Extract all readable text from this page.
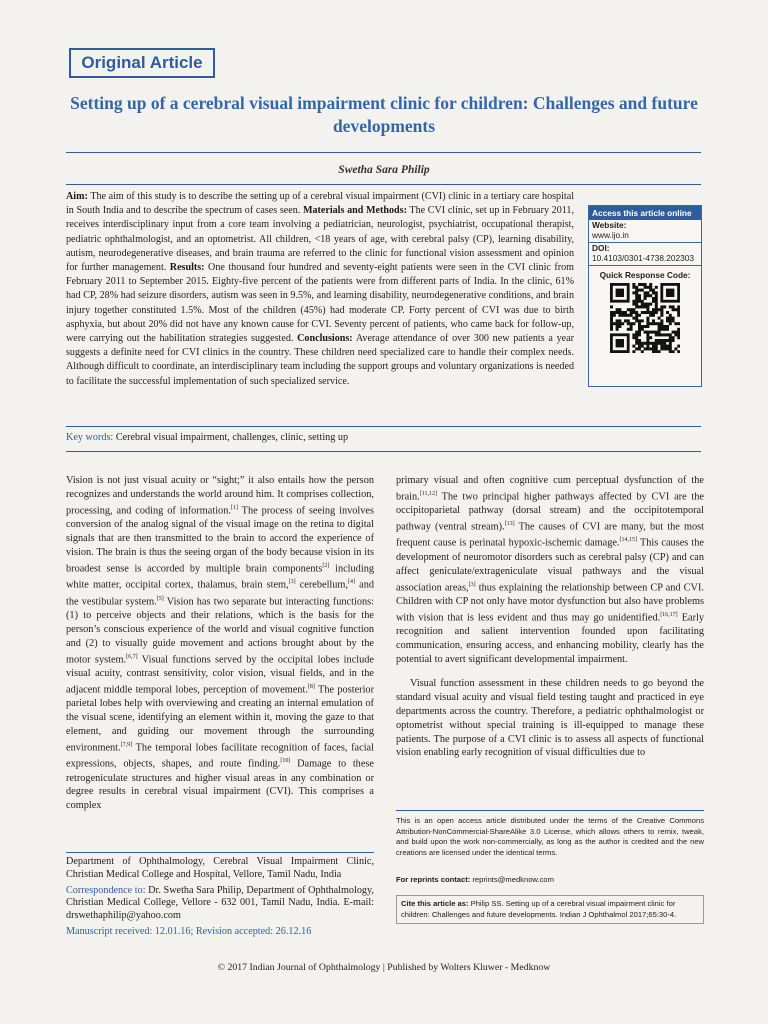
Original Article
Setting up of a cerebral visual impairment clinic for children: Challenges and future developments
Swetha Sara Philip
Aim: The aim of this study is to describe the setting up of a cerebral visual impairment (CVI) clinic in a tertiary care hospital in South India and to describe the spectrum of cases seen. Materials and Methods: The CVI clinic, set up in February 2011, receives interdisciplinary input from a core team involving a pediatrician, neurologist, psychiatrist, occupational therapist, pediatric ophthalmologist, and an optometrist. All children, <18 years of age, with cerebral palsy (CP), learning disability, autism, neurodegenerative diseases, and brain trauma are referred to the clinic for functional vision assessment and opinion for further management. Results: One thousand four hundred and seventy-eight patients were seen in the CVI clinic from February 2011 to September 2015. Eighty-five percent of the patients were from different parts of India. In the clinic, 61% had CP, 28% had seizure disorders, autism was seen in 9.5%, and learning disability, neurodegenerative conditions, and brain injury together constituted 1.5%. Most of the children (45%) had moderate CP. Forty percent of CVI was due to birth asphyxia, but about 20% did not have any known cause for CVI. Seventy percent of patients, who came back for follow-up, were carrying out the habilitation strategies suggested. Conclusions: Average attendance of over 300 new patients a year suggests a definite need for CVI clinics in the country. These children need specialized care to handle their complex needs. Although difficult to coordinate, an interdisciplinary team including the support groups and voluntary organizations is needed to facilitate the successful implementation of such specialized service.
Access this article online
Website:
www.ijo.in
DOI:
10.4103/0301-4738.202303
Quick Response Code:
Key words: Cerebral visual impairment, challenges, clinic, setting up

Vision is not just visual acuity or “sight;” it also entails how the person recognizes and understands the world around him. It comprises collection, processing, and coding of information.[1] The process of seeing involves conversion of the analog signal of the visual image on the retina to digital signals that are then transmitted to the brain to accord the experience of vision. The brain is thus the seeing organ of the body because vision in its broadest sense is accorded by multiple brain components[2] including white matter, occipital cortex, thalamus, brain stem,[3] cerebellum,[4] and the vestibular system.[5] Vision has two separate but interacting functions: (1) to perceive objects and their relations, which is the basis for the person’s conscious experience of the world and visual cognitive function and (2) to visually guide movement and actions brought about by the motor system.[6,7] Visual functions served by the occipital lobes include visual acuity, contrast sensitivity, color vision, visual fields, and in the adjacent middle temporal lobes, perception of movement.[8] The posterior parietal lobes help with overviewing and creating an internal emulation of the visual scene, identifying an element within it, moving the gaze to that element, and guiding our movement through the surrounding environment.[7,9] The temporal lobes facilitate recognition of faces, facial expressions, objects, shapes, and route finding.[10] Damage to these retrogeniculate structures and higher visual areas in any combination or degree results in cerebral visual impairment (CVI). This comprises a complex

primary visual and often cognitive cum perceptual dysfunction of the brain.[11,12] The two principal higher pathways affected by CVI are the occipitoparietal pathway (dorsal stream) and the occipitotemporal pathway (ventral stream).[13] The causes of CVI are many, but the most frequent cause is perinatal hypoxic-ischemic damage.[14,15] This causes the development of neuromotor disorders such as cerebral palsy (CP) and can affect geniculate/extrageniculate visual pathways and the visual association areas,[3] thus explaining the relationship between CP and CVI. Children with CP not only have motor dysfunction but also have problems with vision that is less evident and thus may go unidentified.[16,17] Early recognition and salient intervention founded upon facilitating communication, ensuring access, and enhancing mobility, clearly has the potential to avert significant developmental impairment.

Visual function assessment in these children needs to go beyond the standard visual acuity and visual field testing taught and practiced in eye departments across the country. Therefore, a pediatric ophthalmologist or optometrist without special training is ill-equipped to manage these patients. The purpose of a CVI clinic is to assess all aspects of functional vision enabling early recognition of visual difficulties due to

Department of Ophthalmology, Cerebral Visual Impairment Clinic, Christian Medical College and Hospital, Vellore, Tamil Nadu, India

Correspondence to: Dr. Swetha Sara Philip, Department of Ophthalmology, Christian Medical College, Vellore - 632 001, Tamil Nadu, India. E-mail: drswethaphilip@yahoo.com

Manuscript received: 12.01.16; Revision accepted: 26.12.16

This is an open access article distributed under the terms of the Creative Commons Attribution-NonCommercial-ShareAlike 3.0 License, which allows others to remix, tweak, and build upon the work non-commercially, as long as the author is credited and the new creations are licensed under the identical terms.
For reprints contact: reprints@medknow.com
Cite this article as: Philip SS. Setting up of a cerebral visual impairment clinic for children: Challenges and future developments. Indian J Ophthalmol 2017;65:30-4.
© 2017 Indian Journal of Ophthalmology | Published by Wolters Kluwer - Medknow
